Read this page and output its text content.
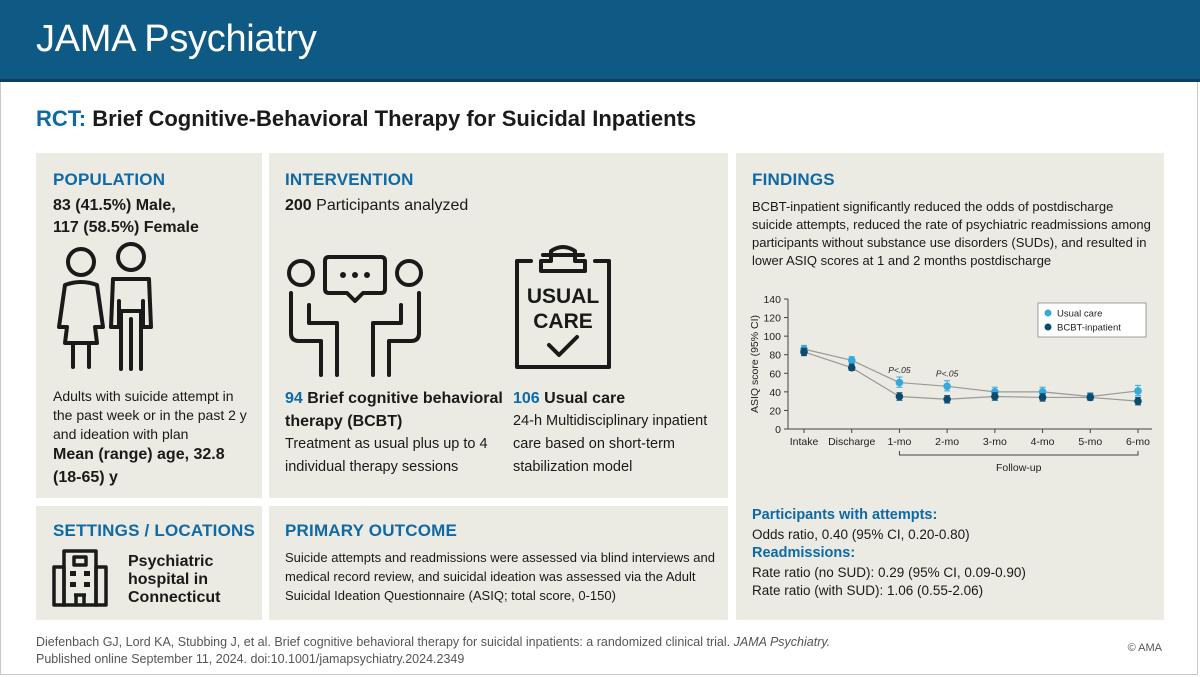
JAMA Psychiatry
RCT: Brief Cognitive-Behavioral Therapy for Suicidal Inpatients
POPULATION
83 (41.5%) Male,
117 (58.5%) Female
Adults with suicide attempt in the past week or in the past 2 y and ideation with plan
Mean (range) age, 32.8
(18-65) y
INTERVENTION
200 Participants analyzed
USUAL
CARE
94 Brief cognitive behavioral
therapy (BCBT)
Treatment as usual plus up to 4
individual therapy sessions
106 Usual care
24-h Multidisciplinary inpatient
care based on short-term
stabilization model
SETTINGS / LOCATIONS
Psychiatric
hospital in
Connecticut
PRIMARY OUTCOME
Suicide attempts and readmissions were assessed via blind interviews and
medical record review, and suicidal ideation was assessed via the Adult
Suicidal Ideation Questionnaire (ASIQ; total score, 0-150)
FINDINGS
BCBT-inpatient significantly reduced the odds of postdischarge
suicide attempts, reduced the rate of psychiatric readmissions among
participants without substance use disorders (SUDs), and resulted in
lower ASIQ scores at 1 and 2 months postdischarge
0
20
40
60
80
100
120
140
ASIQ score (95% CI)
Intake Discharge 1-mo 2-mo 3-mo 4-mo 5-mo 6-mo
Follow-up
P<.05	P<.05
Usual care
BCBT-inpatient
Participants with attempts:
Odds ratio, 0.40 (95% CI, 0.20-0.80)
Readmissions:
Rate ratio (no SUD): 0.29 (95% CI, 0.09-0.90)
Rate ratio (with SUD): 1.06 (0.55-2.06)
Diefenbach GJ, Lord KA, Stubbing J, et al. Brief cognitive behavioral therapy for suicidal inpatients: a randomized clinical trial. JAMA Psychiatry.
Published online September 11, 2024. doi:10.1001/jamapsychiatry.2024.2349
© AMA
